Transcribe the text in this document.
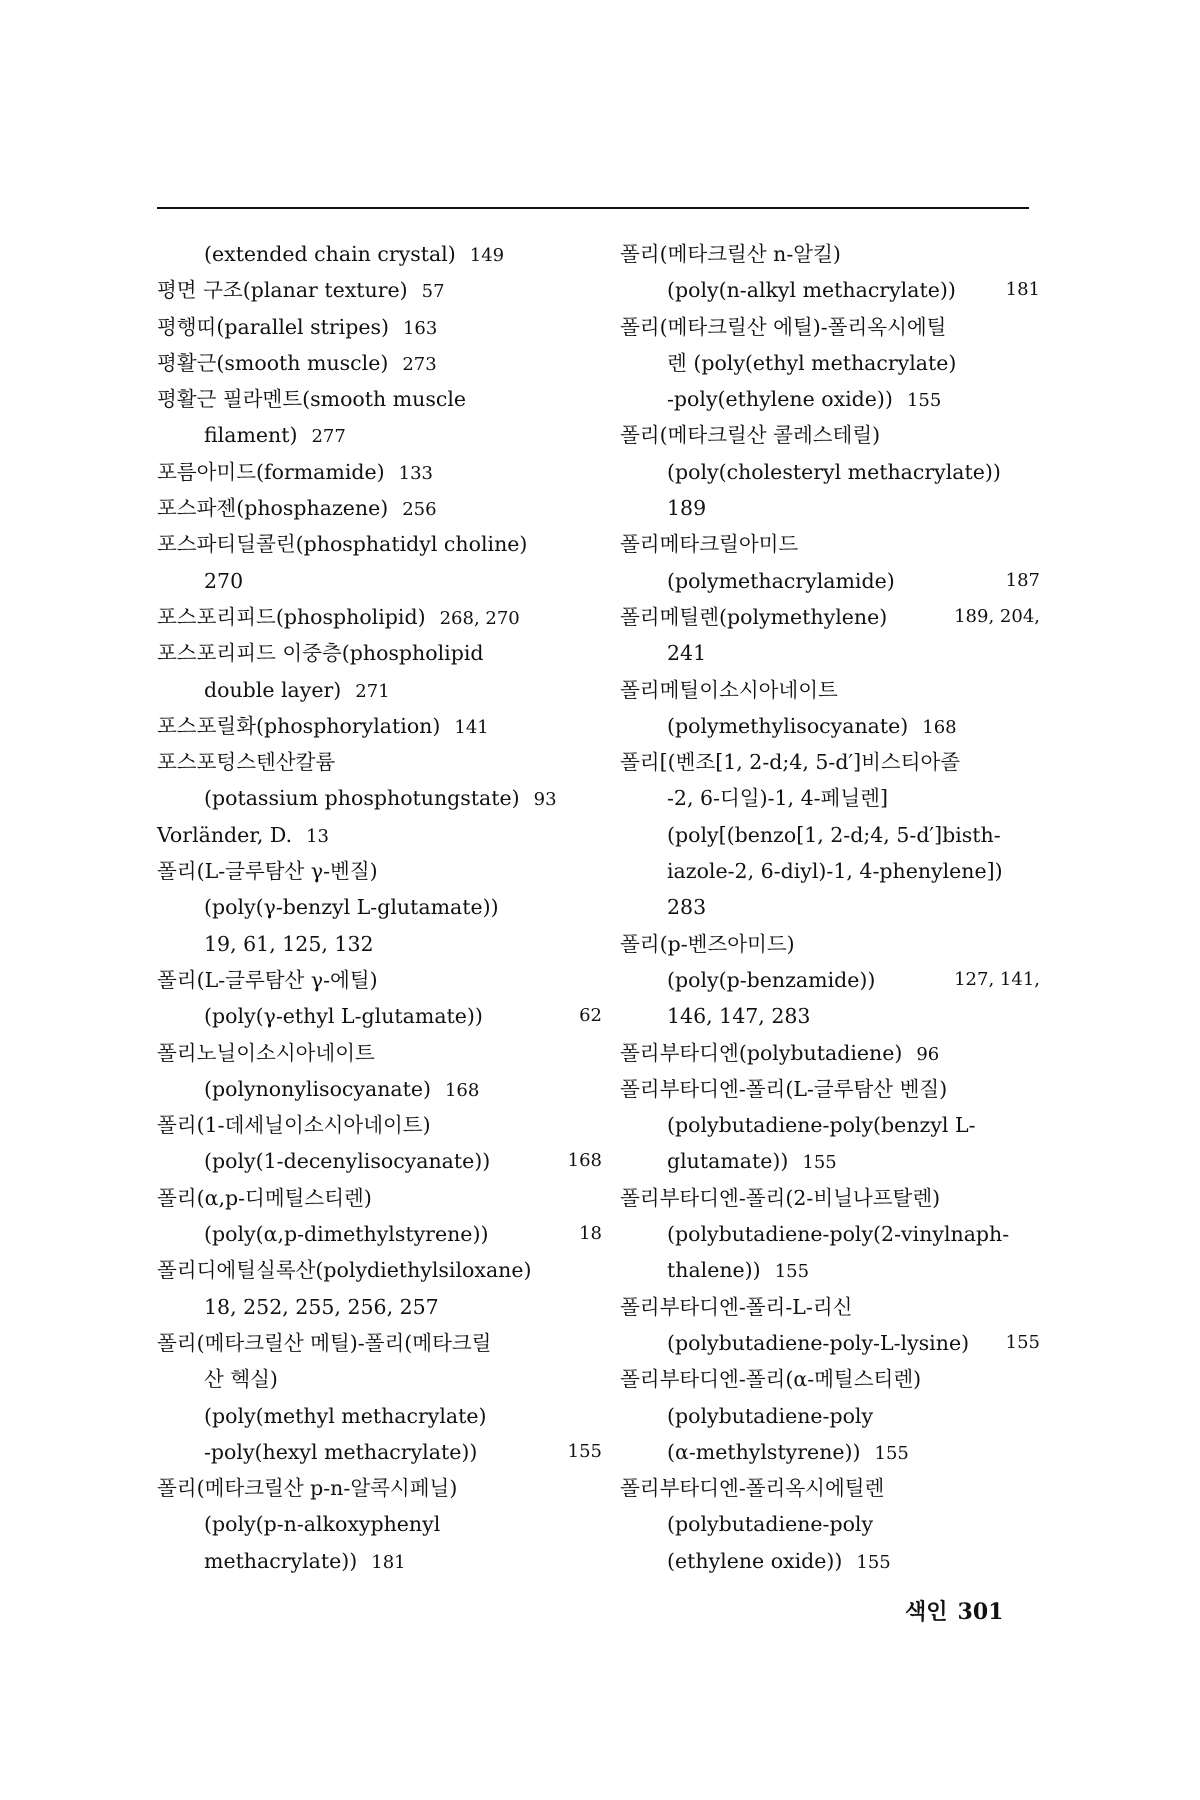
(extended chain crystal) 149
평면 구조(planar texture) 57
평행띠(parallel stripes) 163
평활근(smooth muscle) 273
평활근 필라멘트(smooth muscle
filament) 277
포름아미드(formamide) 133
포스파젠(phosphazene) 256
포스파티딜콜린(phosphatidyl choline)
270
포스포리피드(phospholipid) 268, 270
포스포리피드 이중층(phospholipid
double layer) 271
포스포릴화(phosphorylation) 141
포스포텅스텐산칼륨
(potassium phosphotungstate) 93
Vorländer, D. 13
폴리(L-글루탐산 γ-벤질)
(poly(γ-benzyl L-glutamate))
19, 61, 125, 132
폴리(L-글루탐산 γ-에틸)
(poly(γ-ethyl L-glutamate))	62
폴리노닐이소시아네이트
(polynonylisocyanate) 168
폴리(1-데세닐이소시아네이트)
(poly(1-decenylisocyanate))	168
폴리(α,p-디메틸스티렌)
(poly(α,p-dimethylstyrene))	18
폴리디에틸실록산(polydiethylsiloxane)
18, 252, 255, 256, 257
폴리(메타크릴산 메틸)-폴리(메타크릴
산 헥실)
(poly(methyl methacrylate)
-poly(hexyl methacrylate))	155
폴리(메타크릴산 p-n-알콕시페닐)
(poly(p-n-alkoxyphenyl
methacrylate)) 181
폴리(메타크릴산 n-알킬)
(poly(n-alkyl methacrylate))	181
폴리(메타크릴산 에틸)-폴리옥시에틸
렌 (poly(ethyl methacrylate)
-poly(ethylene oxide)) 155
폴리(메타크릴산 콜레스테릴)
(poly(cholesteryl methacrylate))
189
폴리메타크릴아미드
(polymethacrylamide)	187
폴리메틸렌(polymethylene)	189, 204,
241
폴리메틸이소시아네이트
(polymethylisocyanate) 168
폴리[(벤조[1, 2-d;4, 5-d′]비스티아졸
-2, 6-디일)-1, 4-페닐렌]
(poly[(benzo[1, 2-d;4, 5-d′]bisth-
iazole-2, 6-diyl)-1, 4-phenylene])
283
폴리(p-벤즈아미드)
(poly(p-benzamide))	127, 141,
146, 147, 283
폴리부타디엔(polybutadiene) 96
폴리부타디엔-폴리(L-글루탐산 벤질)
(polybutadiene-poly(benzyl L-
glutamate)) 155
폴리부타디엔-폴리(2-비닐나프탈렌)
(polybutadiene-poly(2-vinylnaph-
thalene)) 155
폴리부타디엔-폴리-L-리신
(polybutadiene-poly-L-lysine) 155
폴리부타디엔-폴리(α-메틸스티렌)
(polybutadiene-poly
(α-methylstyrene)) 155
폴리부타디엔-폴리옥시에틸렌
(polybutadiene-poly
(ethylene oxide)) 155
색인 301
